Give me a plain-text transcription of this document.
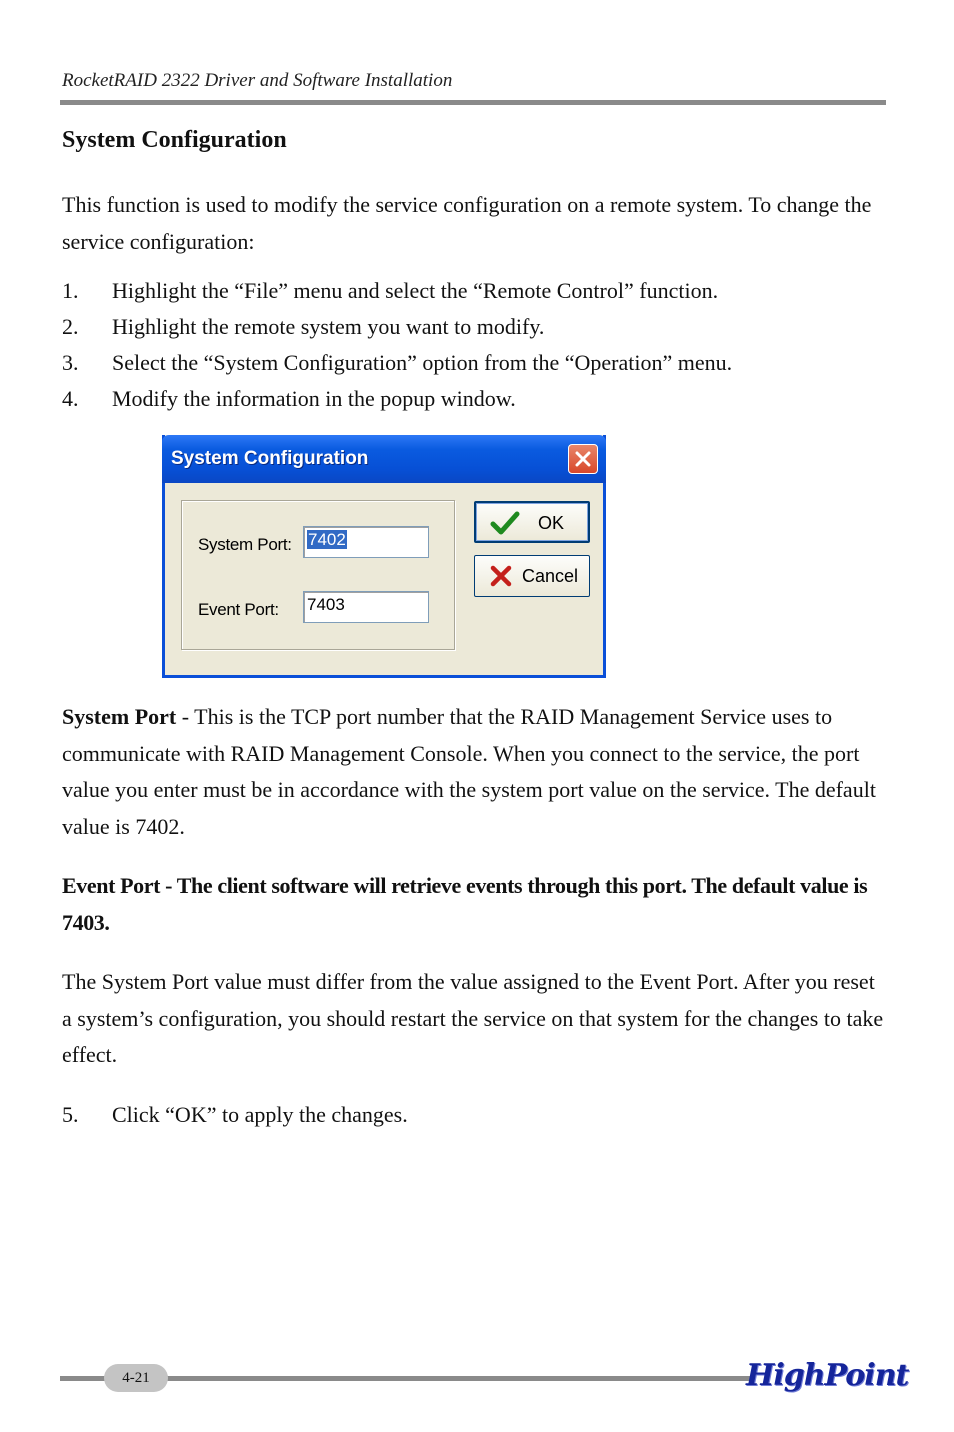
RocketRAID 2322 Driver and Software Installation
System Configuration

This function is used to modify the service configuration on a remote system. To change the service configuration:

1.	Highlight the “File” menu and select the “Remote Control” function.
2.	Highlight the remote system you want to modify.
3.	Select the “System Configuration” option from the “Operation” menu.
4.	Modify the information in the popup window.
System Configuration
System Port: 7402
Event Port: 7403
OK
Cancel

System Port - This is the TCP port number that the RAID Management Service uses to communicate with RAID Management Console. When you connect to the service, the port value you enter must be in accordance with the system port value on the service. The default value is 7402.

Event Port - The client software will retrieve events through this port. The default value is 7403.

The System Port value must differ from the value assigned to the Event Port. After you reset a system’s configuration, you should restart the service on that system for the changes to take effect.

5.	Click “OK” to apply the changes.
4-21	HighPoint
